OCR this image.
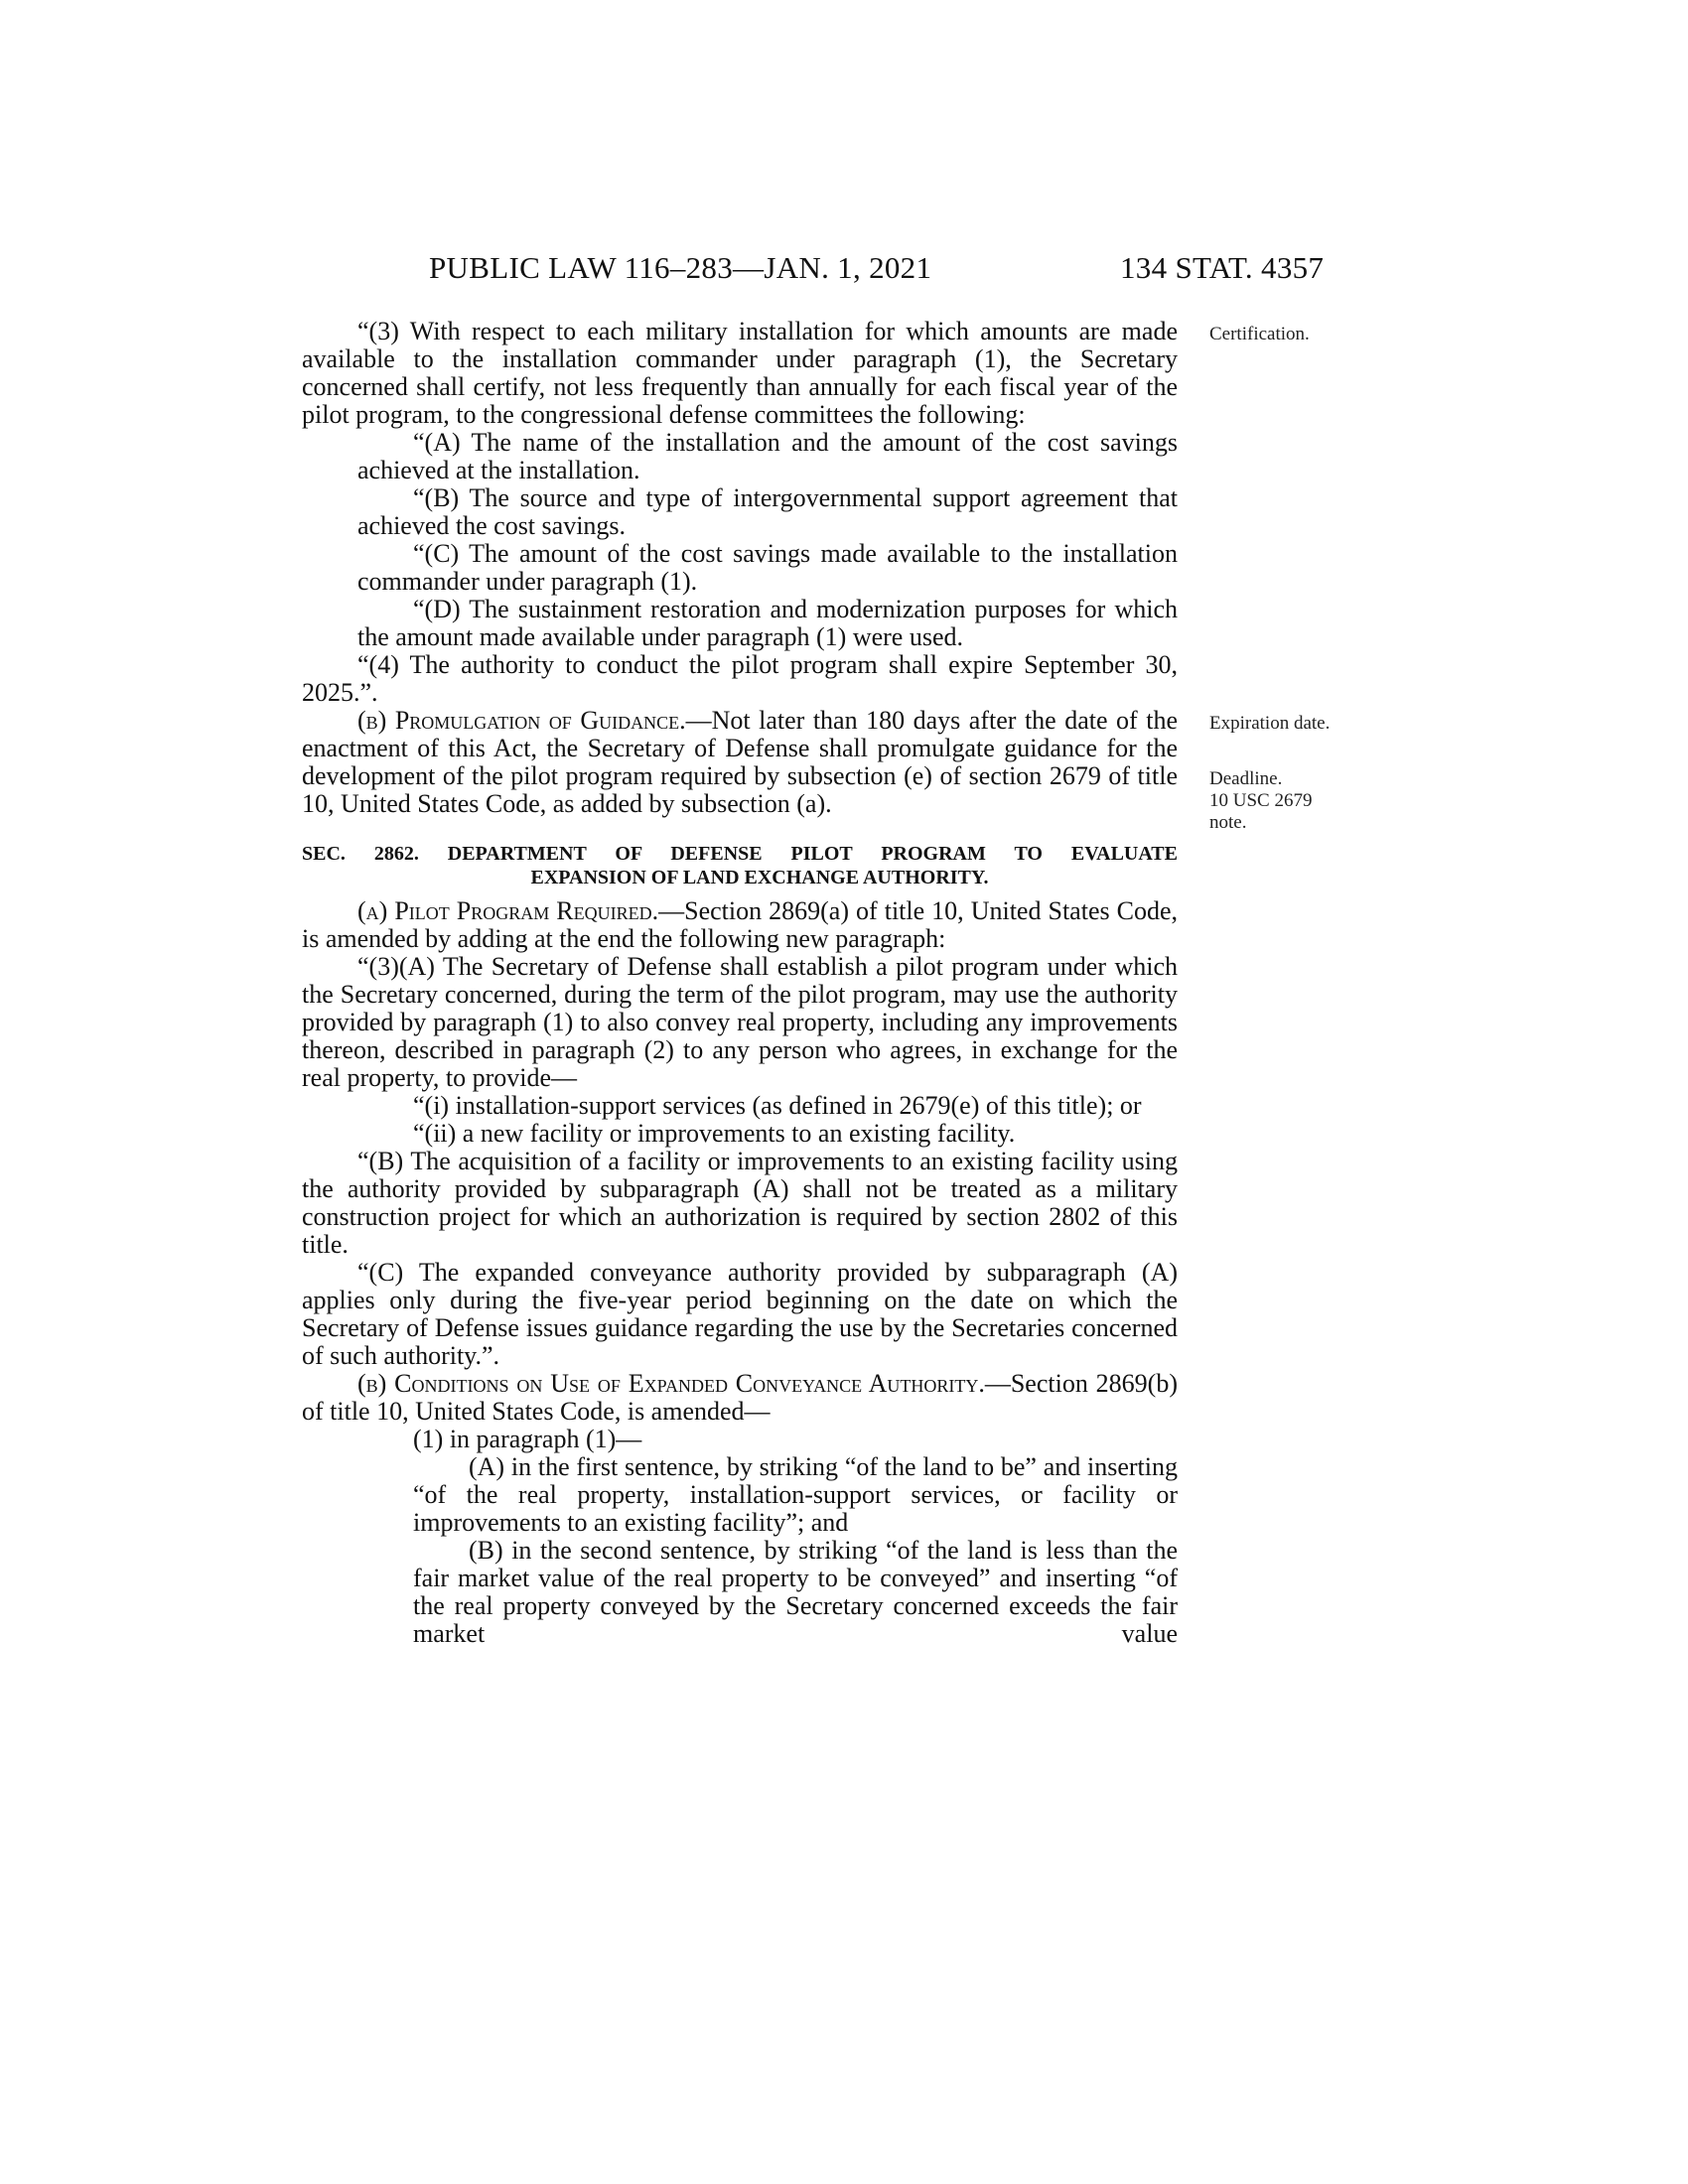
PUBLIC LAW 116–283—JAN. 1, 2021	134 STAT. 4357
Certification.
Expiration date.
Deadline.
10 USC 2679
note.

“(3) With respect to each military installation for which amounts are made available to the installation commander under paragraph (1), the Secretary concerned shall certify, not less frequently than annually for each fiscal year of the pilot program, to the congressional defense committees the following:

“(A) The name of the installation and the amount of the cost savings achieved at the installation.

“(B) The source and type of intergovernmental support agreement that achieved the cost savings.

“(C) The amount of the cost savings made available to the installation commander under paragraph (1).

“(D) The sustainment restoration and modernization purposes for which the amount made available under paragraph (1) were used.

“(4) The authority to conduct the pilot program shall expire September 30, 2025.”.

(b) Promulgation of Guidance.—Not later than 180 days after the date of the enactment of this Act, the Secretary of Defense shall promulgate guidance for the development of the pilot program required by subsection (e) of section 2679 of title 10, United States Code, as added by subsection (a).

SEC. 2862. DEPARTMENT OF DEFENSE PILOT PROGRAM TO EVALUATE
EXPANSION OF LAND EXCHANGE AUTHORITY.

(a) Pilot Program Required.—Section 2869(a) of title 10, United States Code, is amended by adding at the end the following new paragraph:

“(3)(A) The Secretary of Defense shall establish a pilot program under which the Secretary concerned, during the term of the pilot program, may use the authority provided by paragraph (1) to also convey real property, including any improvements thereon, described in paragraph (2) to any person who agrees, in exchange for the real property, to provide—

“(i) installation-support services (as defined in 2679(e) of this title); or

“(ii) a new facility or improvements to an existing facility.

“(B) The acquisition of a facility or improvements to an existing facility using the authority provided by subparagraph (A) shall not be treated as a military construction project for which an authorization is required by section 2802 of this title.

“(C) The expanded conveyance authority provided by subparagraph (A) applies only during the five-year period beginning on the date on which the Secretary of Defense issues guidance regarding the use by the Secretaries concerned of such authority.”.

(b) Conditions on Use of Expanded Conveyance Authority.—Section 2869(b) of title 10, United States Code, is amended—

(1) in paragraph (1)—

(A) in the first sentence, by striking “of the land to be” and inserting “of the real property, installation-support services, or facility or improvements to an existing facility”; and

(B) in the second sentence, by striking “of the land is less than the fair market value of the real property to be conveyed” and inserting “of the real property conveyed by the Secretary concerned exceeds the fair market value
